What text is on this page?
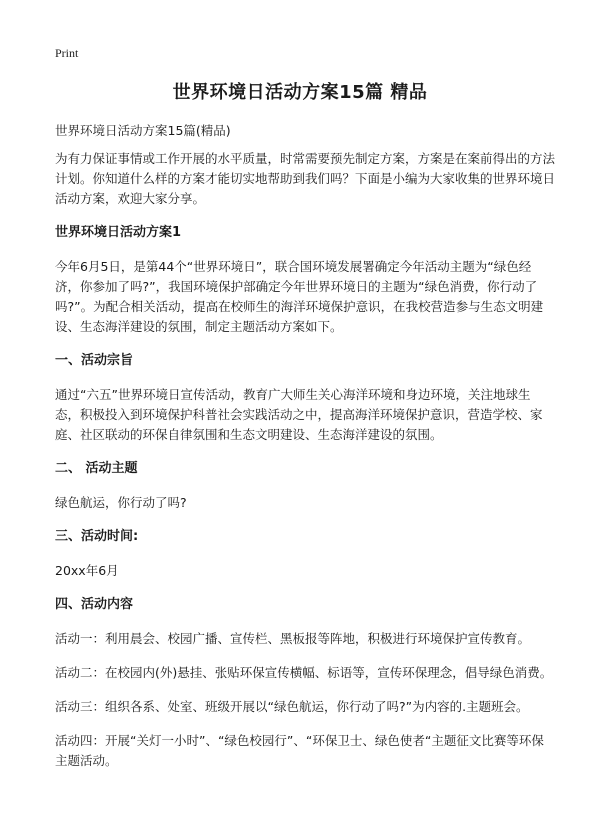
Print
世界环境日活动方案15篇 精品

世界环境日活动方案15篇(精品)

为有力保证事情或工作开展的水平质量，时常需要预先制定方案，方案是在案前得出的方法计划。你知道什么样的方案才能切实地帮助到我们吗？下面是小编为大家收集的世界环境日活动方案，欢迎大家分享。

世界环境日活动方案1

今年6月5日，是第44个“世界环境日”，联合国环境发展署确定今年活动主题为“绿色经济，你参加了吗?”，我国环境保护部确定今年世界环境日的主题为“绿色消费，你行动了吗?”。为配合相关活动，提高在校师生的海洋环境保护意识，在我校营造参与生态文明建设、生态海洋建设的氛围，制定主题活动方案如下。

一、活动宗旨

通过“六五”世界环境日宣传活动，教育广大师生关心海洋环境和身边环境，关注地球生态，积极投入到环境保护科普社会实践活动之中，提高海洋环境保护意识，营造学校、家庭、社区联动的环保自律氛围和生态文明建设、生态海洋建设的氛围。

二、 活动主题

绿色航运，你行动了吗?

三、活动时间:

20xx年6月

四、活动内容

活动一：利用晨会、校园广播、宣传栏、黑板报等阵地，积极进行环境保护宣传教育。

活动二：在校园内(外)悬挂、张贴环保宣传横幅、标语等，宣传环保理念，倡导绿色消费。

活动三：组织各系、处室、班级开展以“绿色航运，你行动了吗?”为内容的.主题班会。

活动四：开展“关灯一小时”、“绿色校园行”、“环保卫士、绿色使者“主题征文比赛等环保主题活动。
